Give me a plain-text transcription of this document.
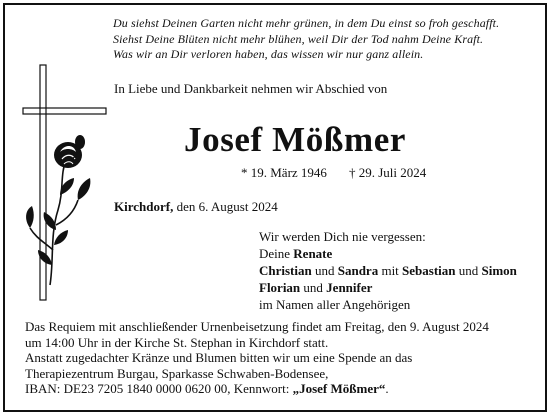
Du siehst Deinen Garten nicht mehr grünen, in dem Du einst so froh geschafft.
Siehst Deine Blüten nicht mehr blühen, weil Dir der Tod nahm Deine Kraft.
Was wir an Dir verloren haben, das wissen wir nur ganz allein.
In Liebe und Dankbarkeit nehmen wir Abschied von
Josef Mößmer
* 19. März 1946 † 29. Juli 2024
Kirchdorf, den 6. August 2024
Wir werden Dich nie vergessen:
Deine Renate
Christian und Sandra mit Sebastian und Simon
Florian und Jennifer
im Namen aller Angehörigen
Das Requiem mit anschließender Urnenbeisetzung findet am Freitag, den 9. August 2024
um 14:00 Uhr in der Kirche St. Stephan in Kirchdorf statt.
Anstatt zugedachter Kränze und Blumen bitten wir um eine Spende an das
Therapiezentrum Burgau, Sparkasse Schwaben-Bodensee,
IBAN: DE23 7205 1840 0000 0620 00, Kennwort: „Josef Mößmer“.
